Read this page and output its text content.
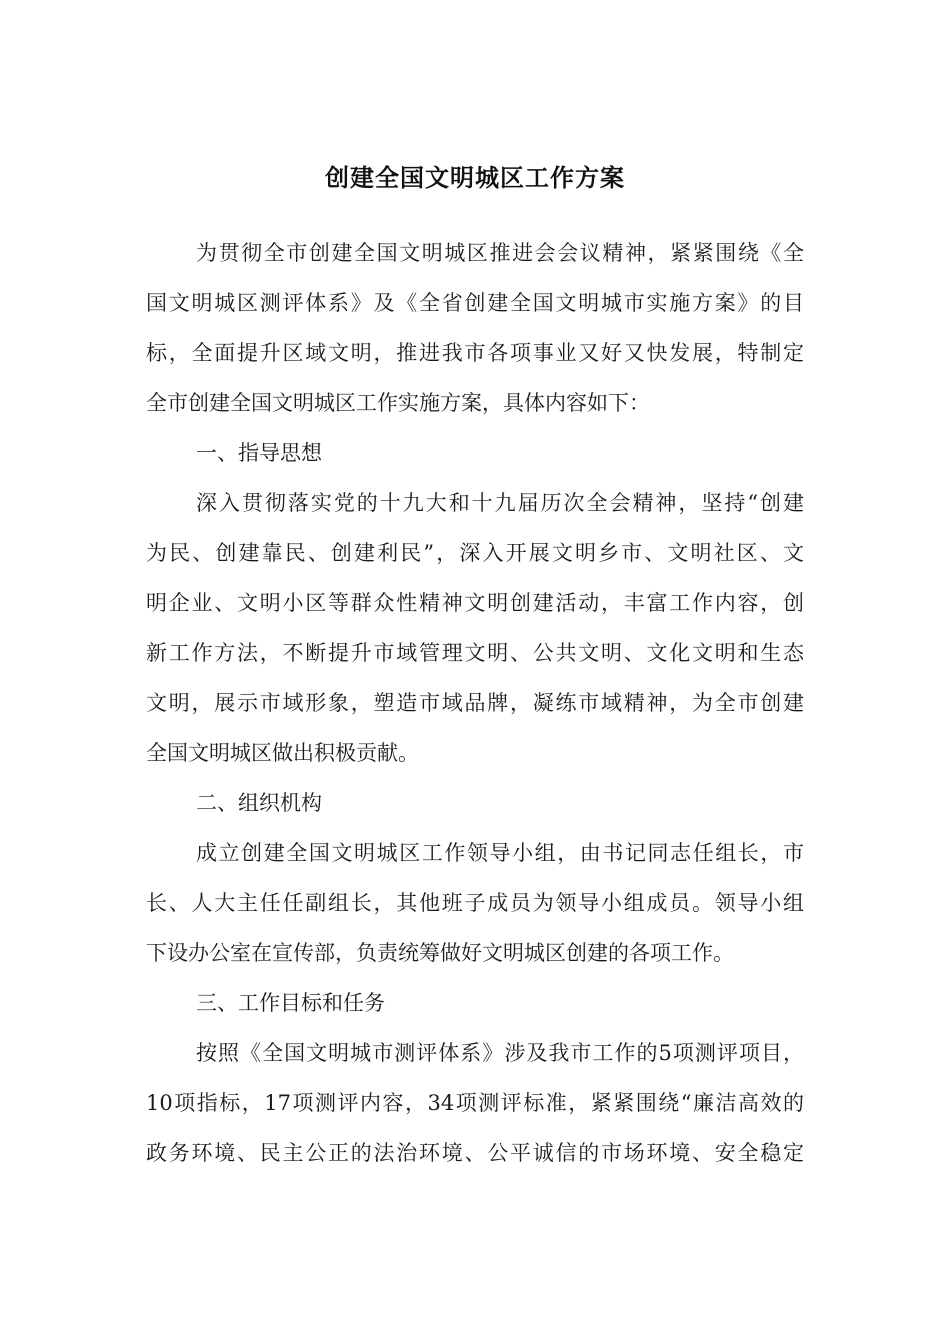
创建全国文明城区工作方案
为贯彻全市创建全国文明城区推进会会议精神，紧紧围绕《全
国文明城区测评体系》及《全省创建全国文明城市实施方案》的目
标，全面提升区域文明，推进我市各项事业又好又快发展，特制定
全市创建全国文明城区工作实施方案，具体内容如下：
一、指导思想
深入贯彻落实党的十九大和十九届历次全会精神，坚持“创建
为民、创建靠民、创建利民”，深入开展文明乡市、文明社区、文
明企业、文明小区等群众性精神文明创建活动，丰富工作内容，创
新工作方法，不断提升市域管理文明、公共文明、文化文明和生态
文明，展示市域形象，塑造市域品牌，凝练市域精神，为全市创建
全国文明城区做出积极贡献。
二、组织机构
成立创建全国文明城区工作领导小组，由书记同志任组长，市
长、人大主任任副组长，其他班子成员为领导小组成员。领导小组
下设办公室在宣传部，负责统筹做好文明城区创建的各项工作。
三、工作目标和任务
按照《全国文明城市测评体系》涉及我市工作的5项测评项目，
10项指标，17项测评内容，34项测评标准，紧紧围绕“廉洁高效的
政务环境、民主公正的法治环境、公平诚信的市场环境、安全稳定
